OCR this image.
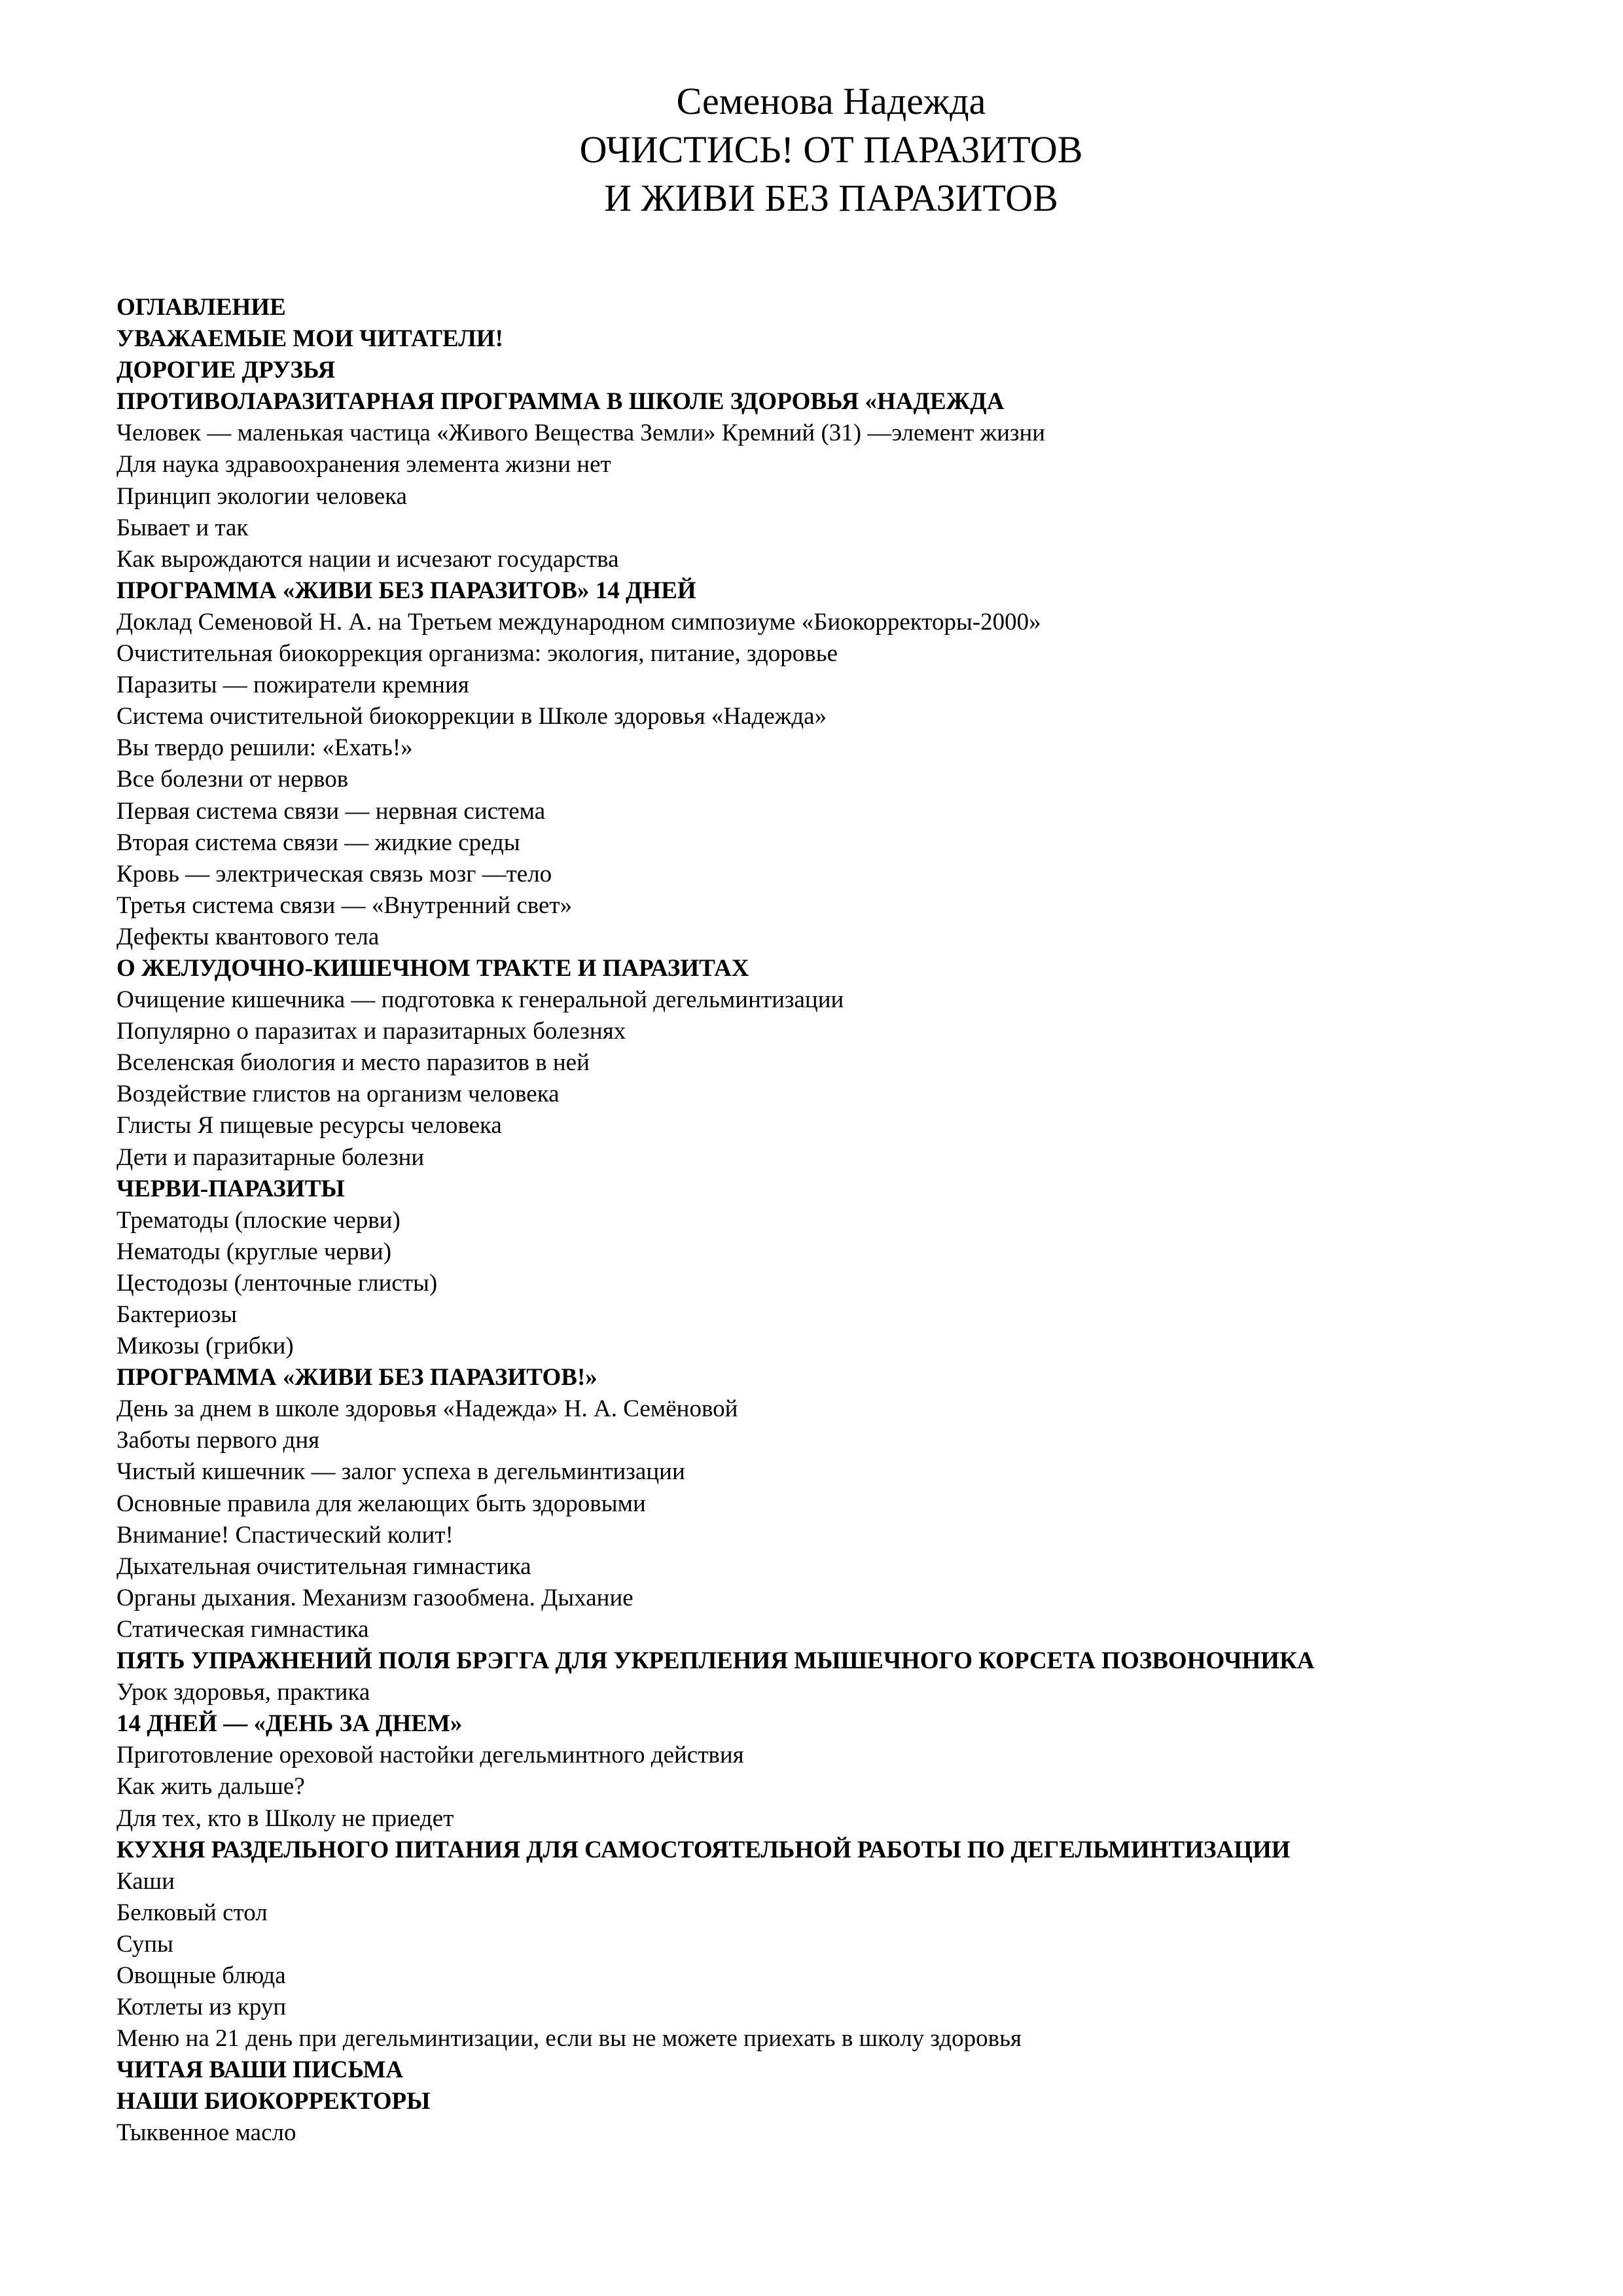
Семенова Надежда
ОЧИСТИСЬ! ОТ ПАРАЗИТОВ
И ЖИВИ БЕЗ ПАРАЗИТОВ
ОГЛАВЛЕНИЕ
УВАЖАЕМЫЕ МОИ ЧИТАТЕЛИ!
ДОРОГИЕ ДРУЗЬЯ
ПРОТИВОЛАРАЗИТАРНАЯ ПРОГРАММА В ШКОЛЕ ЗДОРОВЬЯ «НАДЕЖДА
Человек — маленькая частица «Живого Вещества Земли» Кремний (31) —элемент жизни
Для наука здравоохранения элемента жизни нет
Принцип экологии человека
Бывает и так
Как вырождаются нации и исчезают государства
ПРОГРАММА «ЖИВИ БЕЗ ПАРАЗИТОВ» 14 ДНЕЙ
Доклад Семеновой Н. А. на Третьем международном симпозиуме «Биокорректоры-2000»
Очистительная биокоррекция организма: экология, питание, здоровье
Паразиты — пожиратели кремния
Система очистительной биокоррекции в Школе здоровья «Надежда»
Вы твердо решили: «Ехать!»
Все болезни от нервов
Первая система связи — нервная система
Вторая система связи — жидкие среды
Кровь — электрическая связь мозг —тело
Третья система связи — «Внутренний свет»
Дефекты квантового тела
О ЖЕЛУДОЧНО-КИШЕЧНОМ ТРАКТЕ И ПАРАЗИТАХ
Очищение кишечника — подготовка к генеральной дегельминтизации
Популярно о паразитах и паразитарных болезнях
Вселенская биология и место паразитов в ней
Воздействие глистов на организм человека
Глисты Я пищевые ресурсы человека
Дети и паразитарные болезни
ЧЕРВИ-ПАРАЗИТЫ
Трематоды (плоские черви)
Нематоды (круглые черви)
Цестодозы (ленточные глисты)
Бактериозы
Микозы (грибки)
ПРОГРАММА «ЖИВИ БЕЗ ПАРАЗИТОВ!»
День за днем в школе здоровья «Надежда» Н. А. Семёновой
Заботы первого дня
Чистый кишечник — залог успеха в дегельминтизации
Основные правила для желающих быть здоровыми
Внимание! Спастический колит!
Дыхательная очистительная гимнастика
Органы дыхания. Механизм газообмена. Дыхание
Статическая гимнастика
ПЯТЬ УПРАЖНЕНИЙ ПОЛЯ БРЭГГА ДЛЯ УКРЕПЛЕНИЯ МЫШЕЧНОГО КОРСЕТА ПОЗВОНОЧНИКА
Урок здоровья, практика
14 ДНЕЙ — «ДЕНЬ ЗА ДНЕМ»
Приготовление ореховой настойки дегельминтного действия
Как жить дальше?
Для тех, кто в Школу не приедет
КУХНЯ РАЗДЕЛЬНОГО ПИТАНИЯ ДЛЯ САМОСТОЯТЕЛЬНОЙ РАБОТЫ ПО ДЕГЕЛЬМИНТИЗАЦИИ
Каши
Белковый стол
Супы
Овощные блюда
Котлеты из круп
Меню на 21 день при дегельминтизации, если вы не можете приехать в школу здоровья
ЧИТАЯ ВАШИ ПИСЬМА
НАШИ БИОКОРРЕКТОРЫ
Тыквенное масло
